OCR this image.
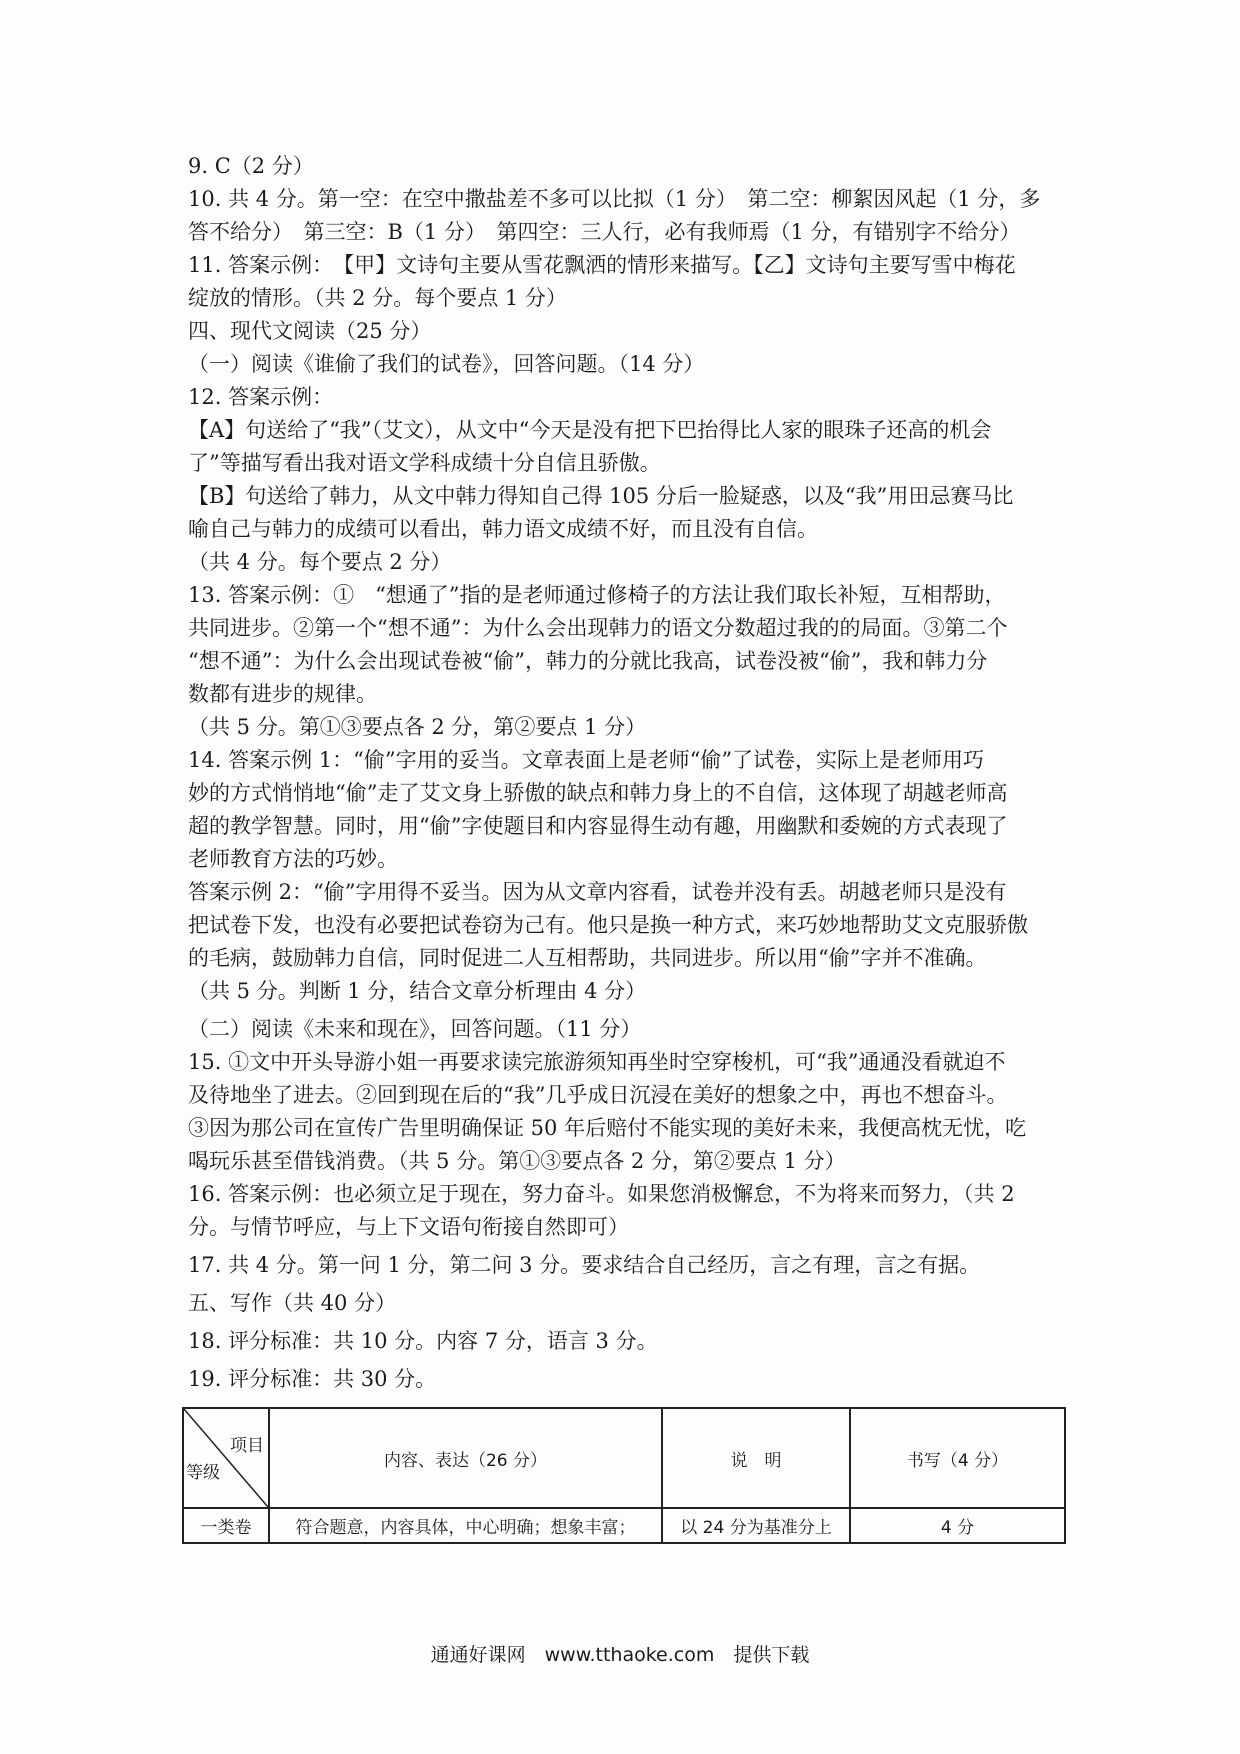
9. C（2 分）
10. 共 4 分。第一空：在空中撒盐差不多可以比拟（1 分）　第二空：柳絮因风起（1 分，多
答不给分）　第三空：B（1 分）　第四空：三人行，必有我师焉（1 分，有错别字不给分）
11. 答案示例：　【甲】文诗句主要从雪花飘洒的情形来描写。【乙】文诗句主要写雪中梅花
绽放的情形。（共 2 分。每个要点 1 分）
四、现代文阅读（25 分）
（一）阅读《谁偷了我们的试卷》，回答问题。（14 分）
12. 答案示例：
【A】句送给了“我”（艾文），从文中“今天是没有把下巴抬得比人家的眼珠子还高的机会
了”等描写看出我对语文学科成绩十分自信且骄傲。
【B】句送给了韩力，从文中韩力得知自己得 105 分后一脸疑惑，以及“我”用田忌赛马比
喻自己与韩力的成绩可以看出，韩力语文成绩不好，而且没有自信。
（共 4 分。每个要点 2 分）
13. 答案示例：①　“想通了”指的是老师通过修椅子的方法让我们取长补短，互相帮助，
共同进步。②第一个“想不通”：为什么会出现韩力的语文分数超过我的的局面。③第二个
“想不通”：为什么会出现试卷被“偷”，韩力的分就比我高，试卷没被“偷”，我和韩力分
数都有进步的规律。
（共 5 分。第①③要点各 2 分，第②要点 1 分）
14. 答案示例 1：“偷”字用的妥当。文章表面上是老师“偷”了试卷，实际上是老师用巧
妙的方式悄悄地“偷”走了艾文身上骄傲的缺点和韩力身上的不自信，这体现了胡越老师高
超的教学智慧。同时，用“偷”字使题目和内容显得生动有趣，用幽默和委婉的方式表现了
老师教育方法的巧妙。
答案示例 2：“偷”字用得不妥当。因为从文章内容看，试卷并没有丢。胡越老师只是没有
把试卷下发，也没有必要把试卷窃为己有。他只是换一种方式，来巧妙地帮助艾文克服骄傲
的毛病，鼓励韩力自信，同时促进二人互相帮助，共同进步。所以用“偷”字并不准确。
（共 5 分。判断 1 分，结合文章分析理由 4 分）
（二）阅读《未来和现在》，回答问题。（11 分）
15. ①文中开头导游小姐一再要求读完旅游须知再坐时空穿梭机，可“我”通通没看就迫不
及待地坐了进去。②回到现在后的“我”几乎成日沉浸在美好的想象之中，再也不想奋斗。
③因为那公司在宣传广告里明确保证 50 年后赔付不能实现的美好未来，我便高枕无忧，吃
喝玩乐甚至借钱消费。（共 5 分。第①③要点各 2 分，第②要点 1 分）
16. 答案示例：也必须立足于现在，努力奋斗。如果您消极懈怠，不为将来而努力，（共 2
分。与情节呼应，与上下文语句衔接自然即可）
17. 共 4 分。第一问 1 分，第二问 3 分。要求结合自己经历，言之有理，言之有据。
五、写作（共 40 分）
18. 评分标准：共 10 分。内容 7 分，语言 3 分。
19. 评分标准：共 30 分。
项目
等级	内容、表达（26 分）	说　明	书写（4 分）
一类卷	符合题意，内容具体，中心明确；想象丰富；	以 24 分为基准分上	4 分
通通好课网　www.tthaoke.com　提供下载
